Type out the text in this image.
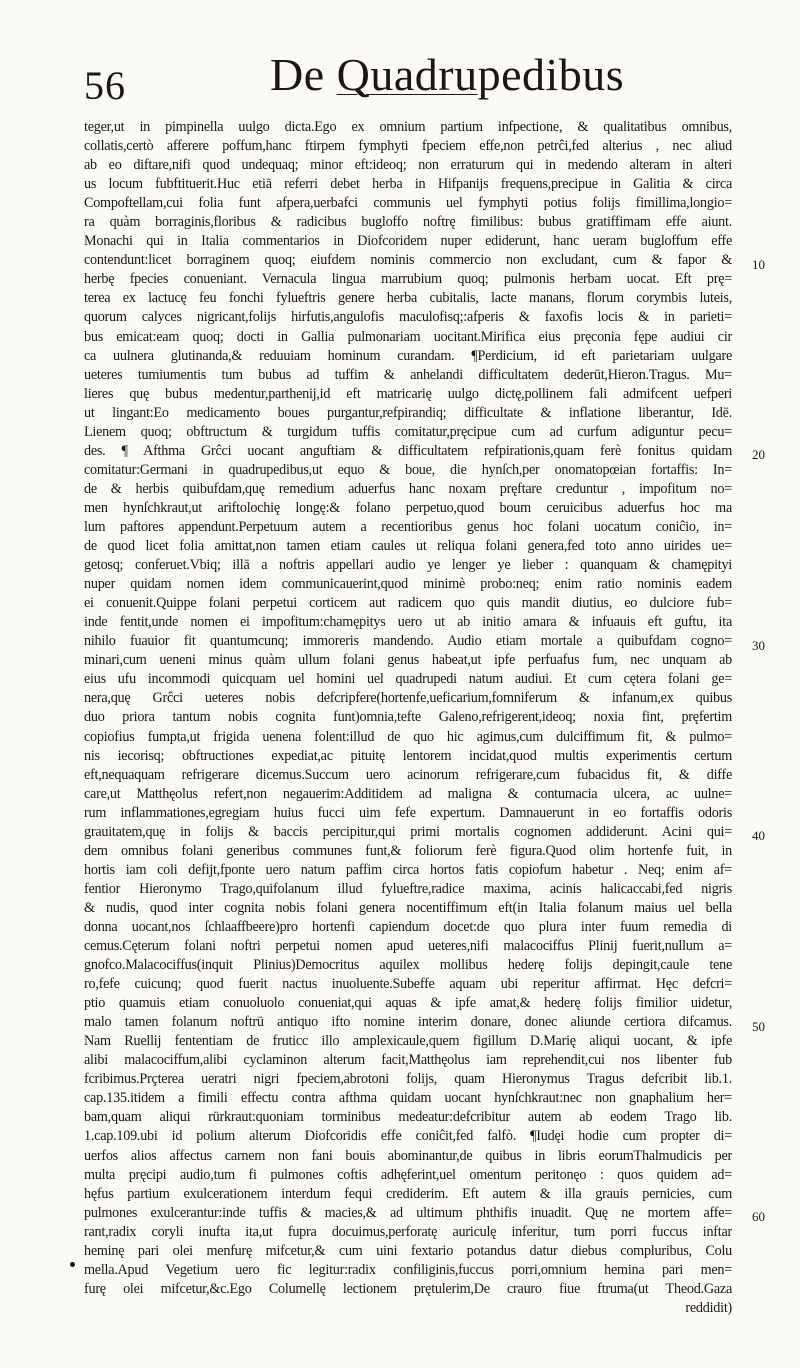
56	De Quadrupedibus
teger,ut in pimpinella uulgo dicta.Ego ex omnium partium infpectione, & qualitatibus omnibus,
collatis,certò afferere poffum,hanc ftirpem fymphyti fpeciem effe,non petrĉi,fed alterius , nec aliud
ab eo diftare,nifi quod undequaq; minor eft:ideoq; non erraturum qui in medendo alteram in alteri
us locum fubftituerit.Huc etiā referri debet herba in Hifpanijs frequens,precipue in Galitia & circa
Compoftellam,cui folia funt afpera,uerbafci communis uel fymphyti potius folijs fimillima,longio=
ra quàm borraginis,floribus & radicibus bugloffo noftrę fimilibus: bubus gratiffimam effe aiunt.
Monachi qui in Italia commentarios in Diofcoridem nuper ediderunt, hanc ueram bugloffum effe
contendunt:licet borraginem quoq; eiufdem nominis commercio non excludant, cum & fapor &
herbę fpecies conueniant. Vernacula lingua marrubium quoq; pulmonis herbam uocat. Eft prę=
terea ex lactucę feu fonchi fylueftris genere herba cubitalis, lacte manans, florum corymbis luteis,
quorum calyces nigricant,folijs hirfutis,angulofis maculofisq;:afperis & faxofis locis & in parieti=
bus emicat:eam quoq; docti in Gallia pulmonariam uocitant.Mirifica eius pręconia fępe audiui cir
ca uulnera glutinanda,& reduuiam hominum curandam. ¶Perdicium, id eft parietariam uulgare
ueteres tumiumentis tum bubus ad tuffim & anhelandi difficultatem dederūt,Hieron.Tragus. Mu=
lieres quę bubus medentur,parthenij,id eft matricarię uulgo dictę,pollinem fali admifcent uefperi
ut lingant:Eo medicamento boues purgantur,refpirandiq; difficultate & inflatione liberantur, Idē.
Lienem quoq; obftructum & turgidum tuffis comitatur,pręcipue cum ad curfum adiguntur pecu=
des. ¶ Afthma Grĉci uocant anguftiam & difficultatem refpirationis,quam ferè fonitus quidam
comitatur:Germani in quadrupedibus,ut equo & boue, die hynſch,per onomatopœian fortaffis: In=
de & herbis quibufdam,quę remedium aduerfus hanc noxam pręftare creduntur , impofitum no=
men hynſchkraut,ut ariftolochię longę:& folano perpetuo,quod boum ceruicibus aduerfus hoc ma
lum paftores appendunt.Perpetuum autem a recentioribus genus hoc folani uocatum coniĉio, in=
de quod licet folia amittat,non tamen etiam caules ut reliqua folani genera,fed toto anno uirides ue=
getosq; conferuet.Vbiq; illā a noftris appellari audio ye lenger ye lieber : quanquam & chamępityi
nuper quidam nomen idem communicauerint,quod minimè probo:neq; enim ratio nominis eadem
ei conuenit.Quippe folani perpetui corticem aut radicem quo quis mandit diutius, eo dulciore fub=
inde fentit,unde nomen ei impofitum:chamępitys uero ut ab initio amara & infuauis eft guftu, ita
nihilo fuauior fit quantumcunq; immoreris mandendo. Audio etiam mortale a quibufdam cogno=
minari,cum ueneni minus quàm ullum folani genus habeat,ut ipfe perfuafus fum, nec unquam ab
eius ufu incommodi quicquam uel homini uel quadrupedi natum audiui. Et cum cętera folani ge=
nera,quę Grĉci ueteres nobis defcripfere(hortenfe,ueficarium,fomniferum & infanum,ex quibus
duo priora tantum nobis cognita funt)omnia,tefte Galeno,refrigerent,ideoq; noxia fint, pręfertim
copiofius fumpta,ut frigida uenena folent:illud de quo hic agimus,cum dulciffimum fit, & pulmo=
nis iecorisq; obftructiones expediat,ac pituitę lentorem incidat,quod multis experimentis certum
eft,nequaquam refrigerare dicemus.Succum uero acinorum refrigerare,cum fubacidus fit, & diffe
care,ut Matthęolus refert,non negauerim:Additidem ad maligna & contumacia ulcera, ac uulne=
rum inflammationes,egregiam huius fucci uim fefe expertum. Damnauerunt in eo fortaffis odoris
grauitatem,quę in folijs & baccis percipitur,qui primi mortalis cognomen addiderunt. Acini qui=
dem omnibus folani generibus communes funt,& foliorum ferè figura.Quod olim hortenfe fuit, in
hortis iam coli defijt,fponte uero natum paffim circa hortos fatis copiofum habetur . Neq; enim af=
fentior Hieronymo Trago,quifolanum illud fylueftre,radice maxima, acinis halicaccabi,fed nigris
& nudis, quod inter cognita nobis folani genera nocentiffimum eft(in Italia folanum maius uel bella
donna uocant,nos ſchlaaffbeere)pro hortenfi capiendum docet:de quo plura inter fuum remedia di
cemus.Cęterum folani noftri perpetui nomen apud ueteres,nifi malacociffus Plinij fuerit,nullum a=
gnofco.Malacociffus(inquit Plinius)Democritus aquilex mollibus hederę folijs depingit,caule tene
ro,fefe cuicunq; quod fuerit nactus inuoluente.Subeffe aquam ubi reperitur affirmat. Hęc defcri=
ptio quamuis etiam conuoluolo conueniat,qui aquas & ipfe amat,& hederę folijs fimilior uidetur,
malo tamen folanum noftrū antiquo ifto nomine interim donare, donec aliunde certiora difcamus.
Nam Ruellij fententiam de fruticc illo amplexicaule,quem figillum D.Marię aliqui uocant, & ipfe
alibi malacociffum,alibi cyclaminon alterum facit,Matthęolus iam reprehendit,cui nos libenter fub
fcribimus.Prçterea ueratri nigri fpeciem,abrotoni folijs, quam Hieronymus Tragus defcribit lib.1.
cap.135.itidem a fimili effectu contra afthma quidam uocant hynſchkraut:nec non gnaphalium her=
bam,quam aliqui rürkraut:quoniam torminibus medeatur:defcribitur autem ab eodem Trago lib.
1.cap.109.ubi id polium alterum Diofcoridis effe coniĉit,fed falfò. ¶Iudęi hodie cum propter di=
uerfos alios affectus carnem non fani bouis abominantur,de quibus in libris eorumThalmudicis per
multa pręcipi audio,tum fi pulmones coftis adhęferint,uel omentum peritonęo : quos quidem ad=
hęfus partium exulcerationem interdum fequi crediderim. Eft autem & illa grauis pernicies, cum
pulmones exulcerantur:inde tuffis & macies,& ad ultimum phthifis inuadit. Quę ne mortem affe=
rant,radix coryli inufta ita,ut fupra docuimus,perforatę auriculę inferitur, tum porri fuccus inftar
heminę pari olei menfurę mifcetur,& cum uini fextario potandus datur diebus compluribus, Colu
mella.Apud Vegetium uero fic legitur:radix confiliginis,fuccus porri,omnium hemina pari men=
furę olei mifcetur,&c.Ego Columellę lectionem prętulerim,De crauro fiue ftruma(ut Theod.Gaza
reddidit)
10
20
30
40
50
60
